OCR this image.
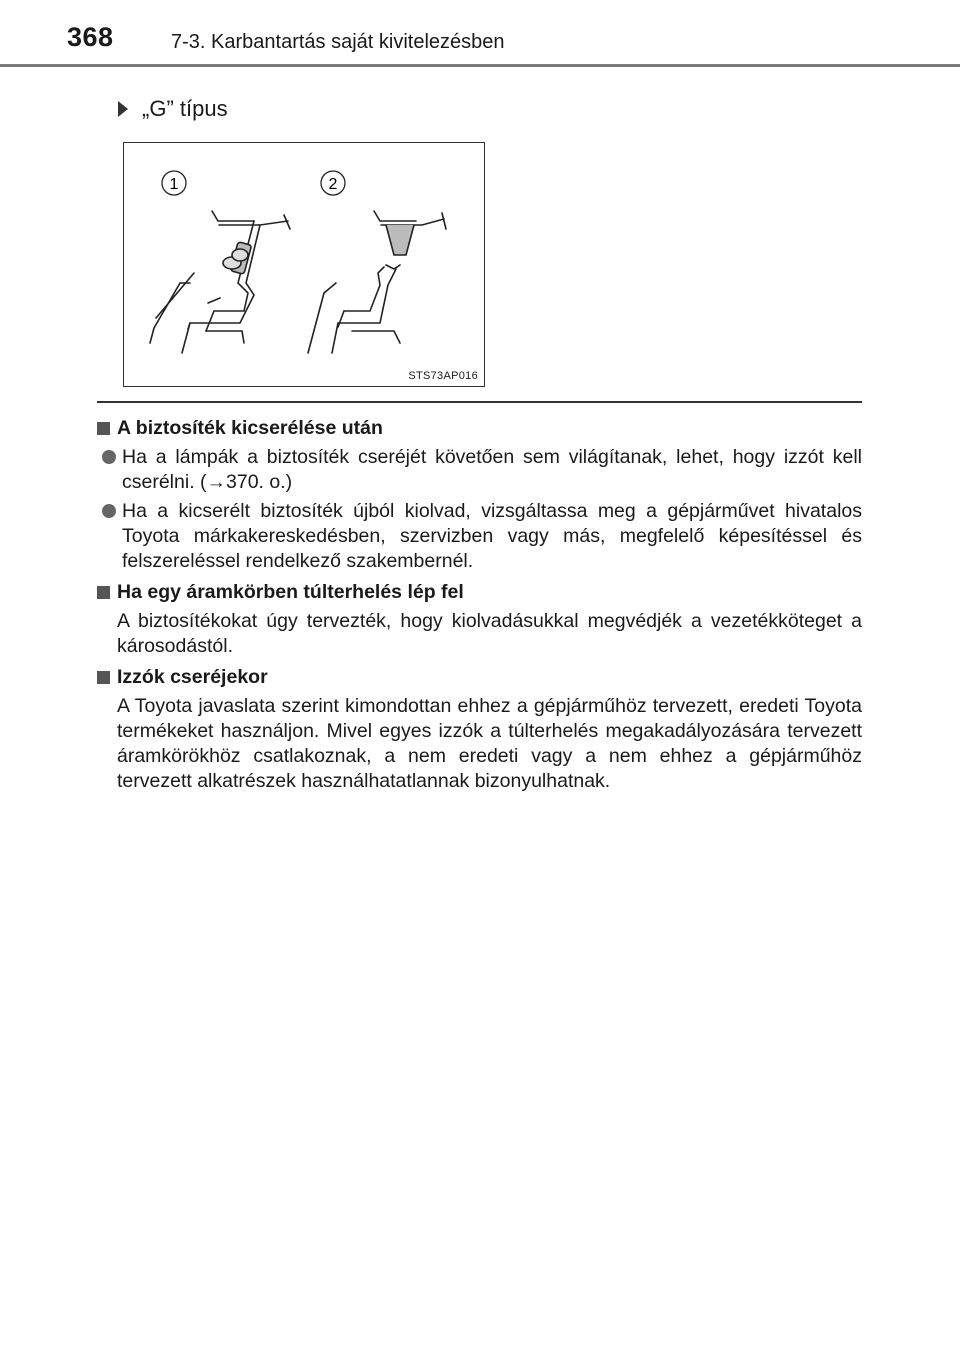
368	7-3. Karbantartás saját kivitelezésben
„G” típus
1	2
STS73AP016
A biztosíték kicserélése után
Ha a lámpák a biztosíték cseréjét követően sem világítanak, lehet, hogy izzót kell cserélni. (→370. o.)
Ha a kicserélt biztosíték újból kiolvad, vizsgáltassa meg a gépjárművet hivatalos Toyota márkakereskedésben, szervizben vagy más, megfelelő képesítéssel és felszereléssel rendelkező szakembernél.
Ha egy áramkörben túlterhelés lép fel
A biztosítékokat úgy tervezték, hogy kiolvadásukkal megvédjék a vezetékköteget a károsodástól.
Izzók cseréjekor
A Toyota javaslata szerint kimondottan ehhez a gépjárműhöz tervezett, eredeti Toyota termékeket használjon. Mivel egyes izzók a túlterhelés megakadályozására tervezett áramkörökhöz csatlakoznak, a nem eredeti vagy a nem ehhez a gépjárműhöz tervezett alkatrészek használhatatlannak bizonyulhatnak.
